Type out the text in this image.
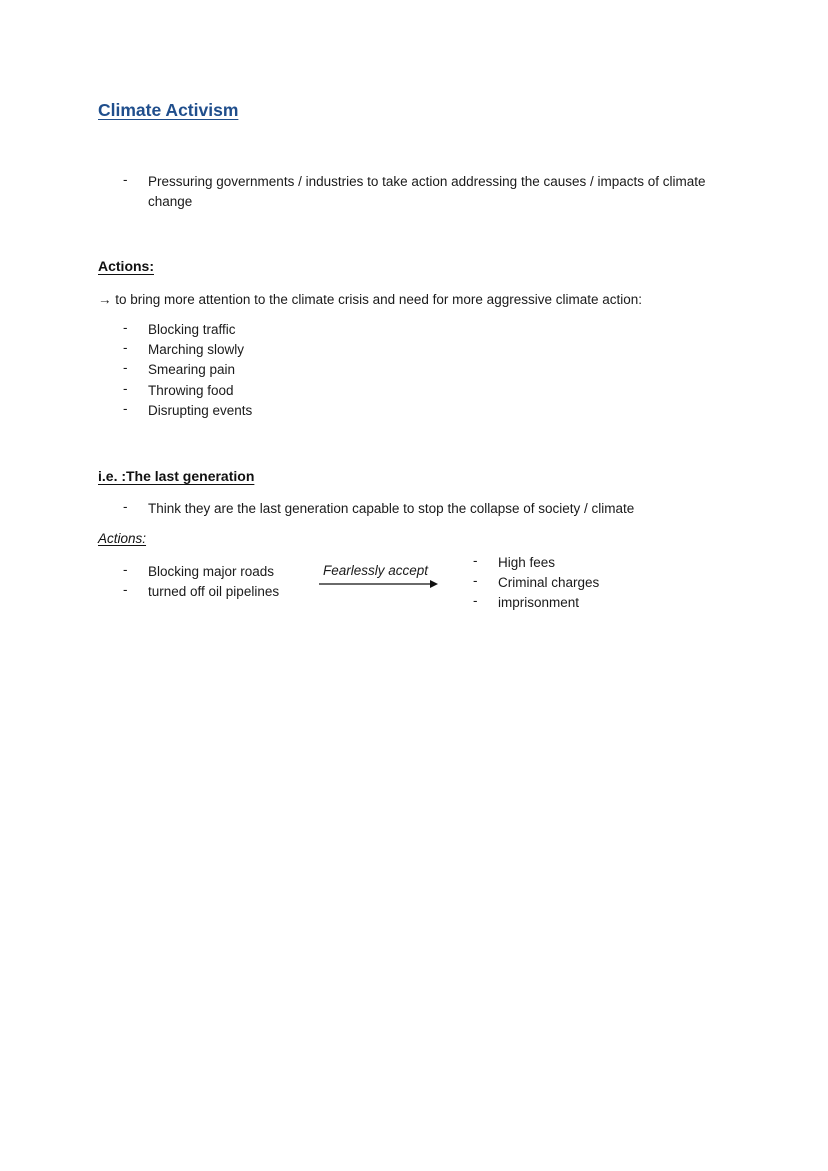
Climate Activism
- Pressuring governments / industries to take action addressing the causes / impacts of climate
change
Actions:
→ to bring more attention to the climate crisis and need for more aggressive climate action:
- Blocking traffic
- Marching slowly
- Smearing pain
- Throwing food
- Disrupting events
i.e. :The last generation
- Think they are the last generation capable to stop the collapse of society / climate
Actions:
- Blocking major roads
- turned off oil pipelines
Fearlessly accept
- High fees
- Criminal charges
- imprisonment
